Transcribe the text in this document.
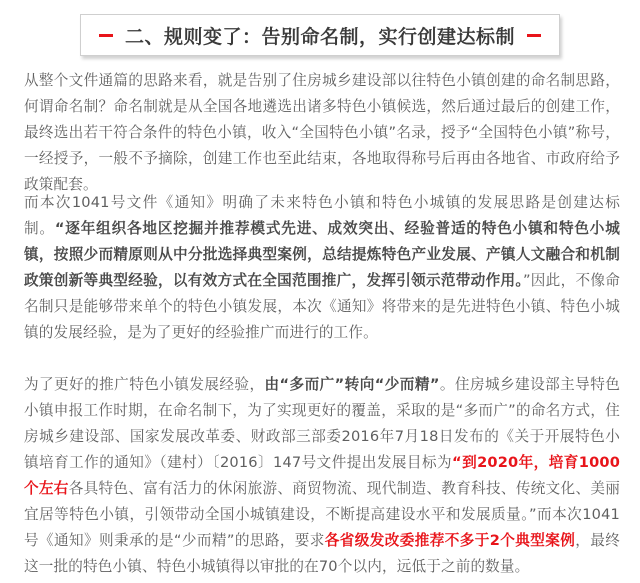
二、规则变了：告别命名制，实行创建达标制

从整个文件通篇的思路来看，就是告别了住房城乡建设部以往特色小镇创建的命名制思路，何谓命名制？命名制就是从全国各地遴选出诸多特色小镇候选，然后通过最后的创建工作，最终选出若干符合条件的特色小镇，收入“全国特色小镇”名录，授予“全国特色小镇”称号，一经授予，一般不予摘除，创建工作也至此结束，各地取得称号后再由各地省、市政府给予政策配套。

而本次1041号文件《通知》明确了未来特色小镇和特色小城镇的发展思路是创建达标制。“逐年组织各地区挖掘并推荐模式先进、成效突出、经验普适的特色小镇和特色小城镇，按照少而精原则从中分批选择典型案例，总结提炼特色产业发展、产镇人文融合和机制政策创新等典型经验，以有效方式在全国范围推广，发挥引领示范带动作用。”因此，不像命名制只是能够带来单个的特色小镇发展，本次《通知》将带来的是先进特色小镇、特色小城镇的发展经验，是为了更好的经验推广而进行的工作。

为了更好的推广特色小镇发展经验，由“多而广”转向“少而精”。住房城乡建设部主导特色小镇申报工作时期，在命名制下，为了实现更好的覆盖，采取的是“多而广”的命名方式，住房城乡建设部、国家发展改革委、财政部三部委2016年7月18日发布的《关于开展特色小镇培育工作的通知》（建村）〔2016〕147号文件提出发展目标为“到2020年，培育1000个左右各具特色、富有活力的休闲旅游、商贸物流、现代制造、教育科技、传统文化、美丽宜居等特色小镇，引领带动全国小城镇建设，不断提高建设水平和发展质量。”而本次1041号《通知》则秉承的是“少而精”的思路，要求各省级发改委推荐不多于2个典型案例，最终这一批的特色小镇、特色小城镇得以审批的在70个以内，远低于之前的数量。
